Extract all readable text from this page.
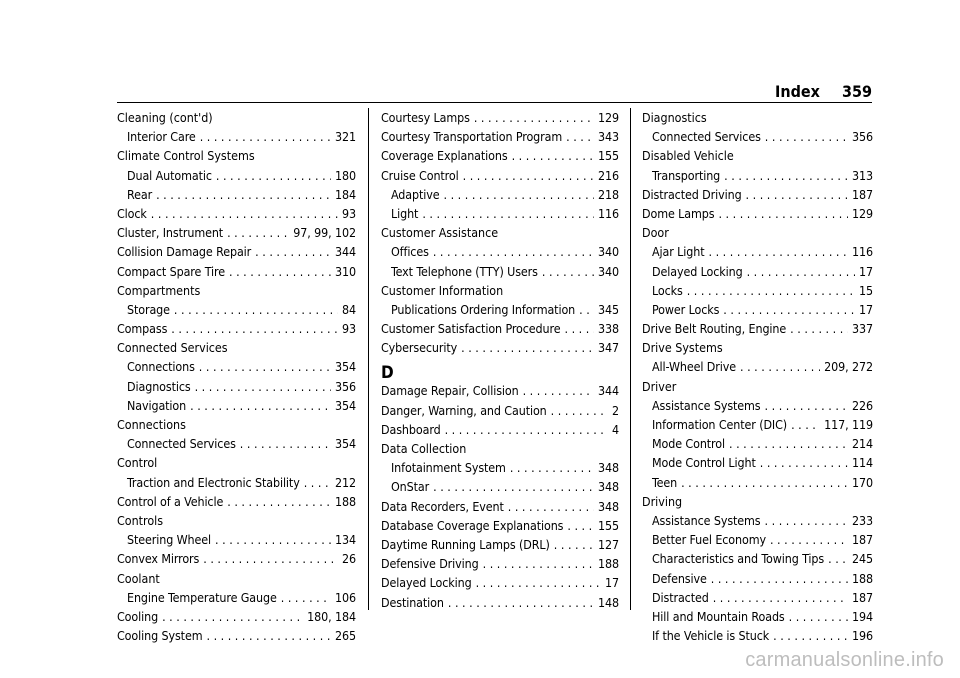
Index 359
Cleaning (cont'd)
Interior Care . . .	321
Climate Control Systems
Dual Automatic . . .	180
Rear . . .	184
Clock . . .	93
Cluster, Instrument . . .	97, 99, 102
Collision Damage Repair . . .	344
Compact Spare Tire . . .	310
Compartments
Storage . . .	84
Compass . . .	93
Connected Services
Connections . . .	354
Diagnostics . . .	356
Navigation . . .	354
Connections
Connected Services . . .	354
Control
Traction and Electronic Stability . . .	212
Control of a Vehicle . . .	188
Controls
Steering Wheel . . .	134
Convex Mirrors . . .	26
Coolant
Engine Temperature Gauge . . .	106
Cooling . . .	180, 184
Cooling System . . .	265
Courtesy Lamps . . .	129
Courtesy Transportation Program . . .	343
Coverage Explanations . . .	155
Cruise Control . . .	216
Adaptive . . .	218
Light . . .	116
Customer Assistance
Offices . . .	340
Text Telephone (TTY) Users . . .	340
Customer Information
Publications Ordering Information . . . 345
Customer Satisfaction Procedure . . .	338
Cybersecurity . . .	347
D
Damage Repair, Collision . . .	344
Danger, Warning, and Caution . . .	2
Dashboard . . .	4
Data Collection
Infotainment System . . .	348
OnStar . . .	348
Data Recorders, Event . . .	348
Database Coverage Explanations . . .	155
Daytime Running Lamps (DRL) . . .	127
Defensive Driving . . .	188
Delayed Locking . . .	17
Destination . . .	148
Diagnostics
Connected Services . . .	356
Disabled Vehicle
Transporting . . .	313
Distracted Driving . . .	187
Dome Lamps . . .	129
Door
Ajar Light . . .	116
Delayed Locking . . .	17
Locks . . .	15
Power Locks . . .	17
Drive Belt Routing, Engine . . .	337
Drive Systems
All-Wheel Drive . . .	209, 272
Driver
Assistance Systems . . .	226
Information Center (DIC) . . .	117, 119
Mode Control . . .	214
Mode Control Light . . .	114
Teen . . .	170
Driving
Assistance Systems . . .	233
Better Fuel Economy . . .	187
Characteristics and Towing Tips . . . 245
Defensive . . .	188
Distracted . . .	187
Hill and Mountain Roads . . .	194
If the Vehicle is Stuck . . .	196
carmanualsonline.info
